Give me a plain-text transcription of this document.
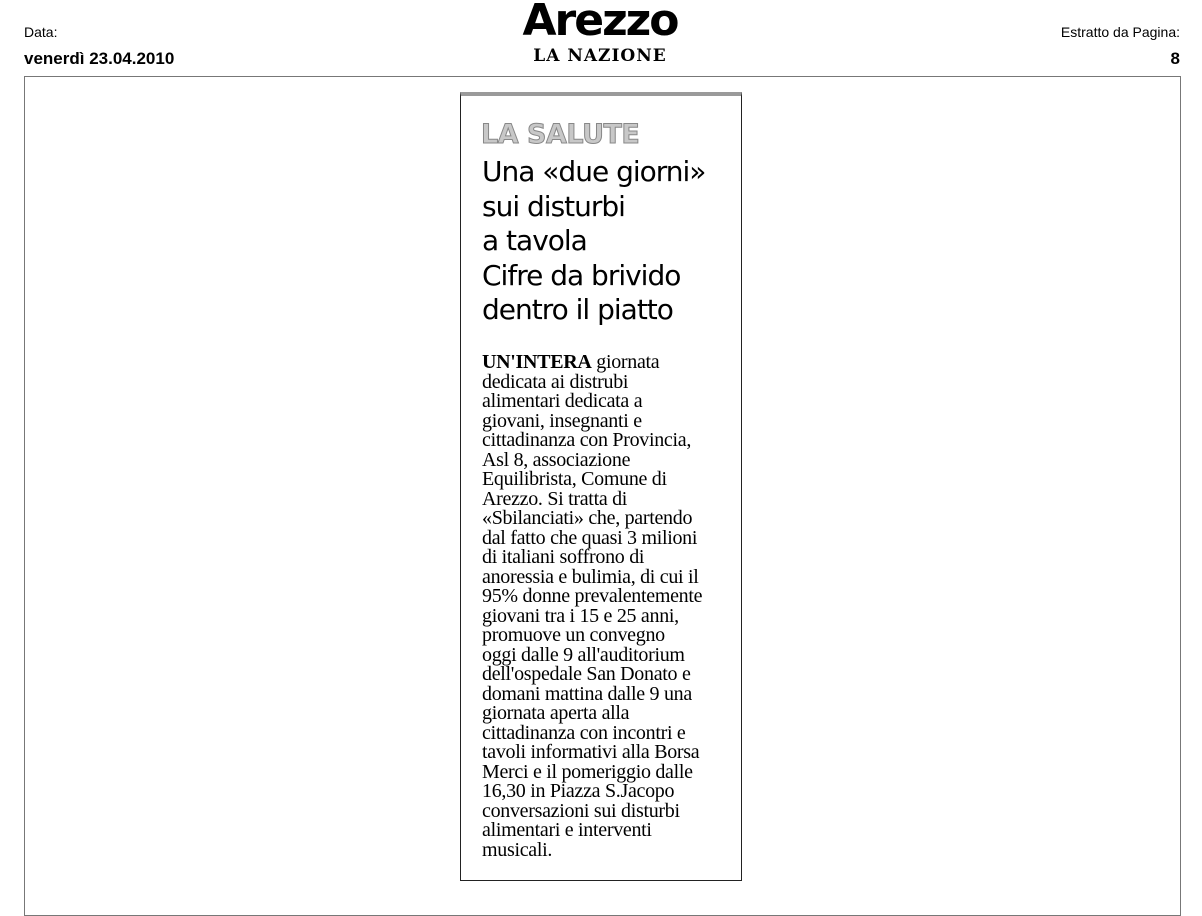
Data:
venerdì 23.04.2010
Arezzo
LA NAZIONE
Estratto da Pagina:
8
LA SALUTE
Una «due giorni»
sui disturbi
a tavola
Cifre da brivido
dentro il piatto
UN'INTERA giornata
dedicata ai distrubi
alimentari dedicata a
giovani, insegnanti e
cittadinanza con Provincia,
Asl 8, associazione
Equilibrista, Comune di
Arezzo. Si tratta di
«Sbilanciati» che, partendo
dal fatto che quasi 3 milioni
di italiani soffrono di
anoressia e bulimia, di cui il
95% donne prevalentemente
giovani tra i 15 e 25 anni,
promuove un convegno
oggi dalle 9 all'auditorium
dell'ospedale San Donato e
domani mattina dalle 9 una
giornata aperta alla
cittadinanza con incontri e
tavoli informativi alla Borsa
Merci e il pomeriggio dalle
16,30 in Piazza S.Jacopo
conversazioni sui disturbi
alimentari e interventi
musicali.
